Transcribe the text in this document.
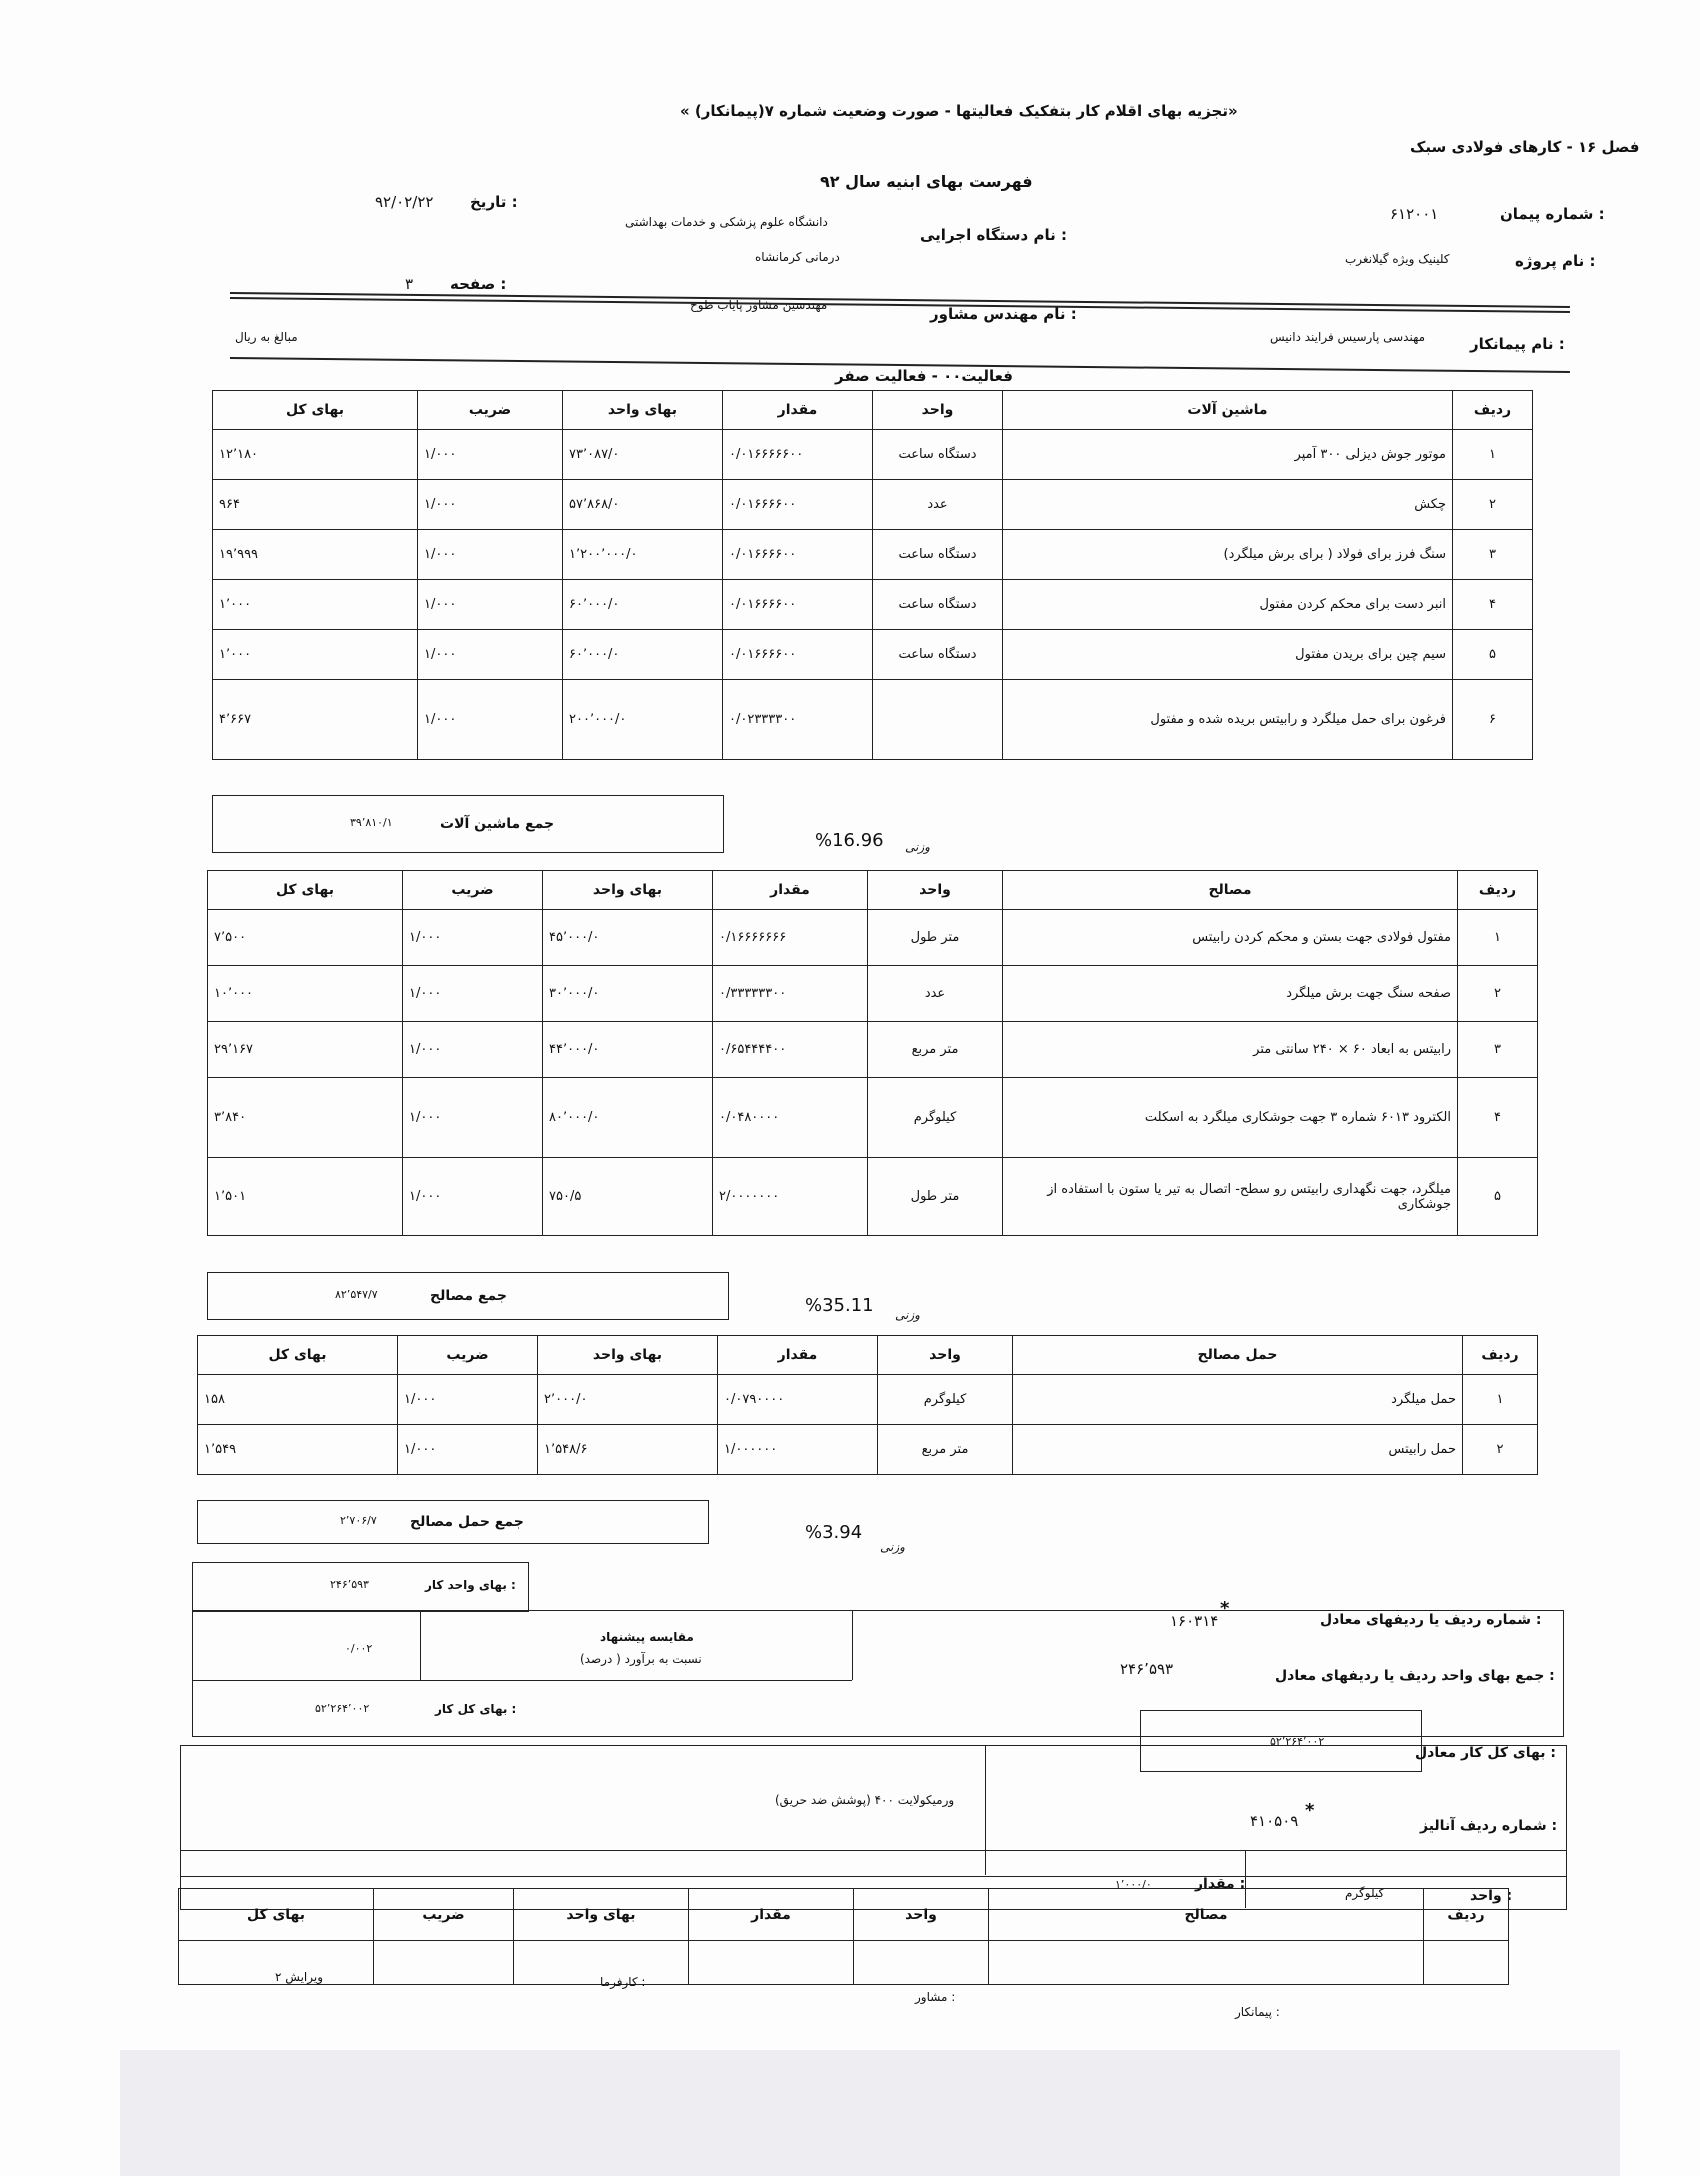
« تجزیه بهای اقلام کار بتفکیک فعالیتها - صورت وضعیت شماره ۷(پیمانکار)»
فصل ۱۶ - کارهای فولادی سبک
فهرست بهای ابنیه سال ۹۲
شماره پیمان :
۶۱۲۰۰۱
تاریخ :
۹۲/۰۲/۲۲
نام دستگاه اجرایی :
دانشگاه علوم پزشکی و خدمات بهداشتی
درمانی کرمانشاه	نام پروژه :
کلینیک ویژه گیلانغرب
صفحه :
۳
نام مهندس مشاور :
مهندسین مشاور پایاب طوح
نام پیمانکار :
مهندسی پارسیس فرایند دانیس
مبالغ به ریال
فعالیت۰۰ - فعالیت صفر
بهای کل	ضریب	بهای واحد	مقدار	واحد	ماشین آلات	ردیف
۱۲٬۱۸۰	۱/۰۰۰	۷۳٬۰۸۷/۰	۰/۰۱۶۶۶۶۶۰۰	دستگاه ساعت	موتور جوش دیزلی ۳۰۰ آمپر	۱
۹۶۴	۱/۰۰۰	۵۷٬۸۶۸/۰	۰/۰۱۶۶۶۶۰۰	عدد	چکش	۲
۱۹٬۹۹۹	۱/۰۰۰	۱٬۲۰۰٬۰۰۰/۰	۰/۰۱۶۶۶۶۰۰	دستگاه ساعت	سنگ فرز برای فولاد ( برای برش میلگرد)	۳
۱٬۰۰۰	۱/۰۰۰	۶۰٬۰۰۰/۰	۰/۰۱۶۶۶۶۰۰	دستگاه ساعت	انبر دست برای محکم کردن مفتول	۴
۱٬۰۰۰	۱/۰۰۰	۶۰٬۰۰۰/۰	۰/۰۱۶۶۶۶۰۰	دستگاه ساعت	سیم چین برای بریدن مفتول	۵
۴٬۶۶۷	۱/۰۰۰	۲۰۰٬۰۰۰/۰	۰/۰۲۳۳۳۳۰۰		فرغون برای حمل میلگرد و رابیتس بریده شده و مفتول	۶
۳۹٬۸۱۰/۱	جمع ماشین آلات
%16.96 وزنی
بهای کل	ضریب	بهای واحد	مقدار	واحد	مصالح	ردیف
۷٬۵۰۰	۱/۰۰۰	۴۵٬۰۰۰/۰	۰/۱۶۶۶۶۶۶۶	متر طول	مفتول فولادی جهت بستن و محکم کردن رابیتس	۱
۱۰٬۰۰۰	۱/۰۰۰	۳۰٬۰۰۰/۰	۰/۳۳۳۳۳۳۰۰	عدد	صفحه سنگ جهت برش میلگرد	۲
۲۹٬۱۶۷	۱/۰۰۰	۴۴٬۰۰۰/۰	۰/۶۵۴۴۴۴۰۰	متر مربع	رابیتس به ابعاد ۶۰ × ۲۴۰ سانتی متر	۳
۳٬۸۴۰	۱/۰۰۰	۸۰٬۰۰۰/۰	۰/۰۴۸۰۰۰۰	کیلوگرم	الکترود ۶۰۱۳ شماره ۳ جهت جوشکاری میلگرد به اسکلت	۴
۱٬۵۰۱	۱/۰۰۰	۷۵۰/۵	۲/۰۰۰۰۰۰۰	متر طول	میلگرد، جهت نگهداری رابیتس رو سطح- اتصال به تیر یا ستون با استفاده از جوشکاری	۵
۸۲٬۵۴۷/۷	جمع مصالح	%35.11 وزنی
بهای کل	ضریب	بهای واحد	مقدار	واحد	حمل مصالح	ردیف
۱۵۸	۱/۰۰۰	۲٬۰۰۰/۰	۰/۰۷۹۰۰۰۰	کیلوگرم	حمل میلگرد	۱
۱٬۵۴۹	۱/۰۰۰	۱٬۵۴۸/۶	۱/۰۰۰۰۰۰	متر مربع	حمل رابیتس	۲
۲٬۷۰۶/۷ جمع حمل مصالح	%3.94
وزنی
۲۴۶٬۵۹۳	بهای واحد کار :
شماره ردیف یا ردیفهای معادل :
۱۶۰۳۱۴
*
۰/۰۰۲
مقایسه پیشنهاد
نسبت به برآورد ( درصد)
جمع بهای واحد ردیف یا ردیفهای معادل :
۲۴۶٬۵۹۳
۵۲٬۲۶۴٬۰۰۲	بهای کل کار :
۵۲٬۲۶۴٬۰۰۲
بهای کل کار معادل :
شماره ردیف آنالیز :
۴۱۰۵۰۹ *
ورمیکولایت ۴۰۰ (پوشش ضد حریق)
واحد :
کیلوگرم
مقدار :
۱٬۰۰۰/۰
بهای کل	ضریب	بهای واحد	مقدار	واحد	مصالح	ردیف

پیمانکار :
مشاور :
کارفرما :
ویرایش ۲
